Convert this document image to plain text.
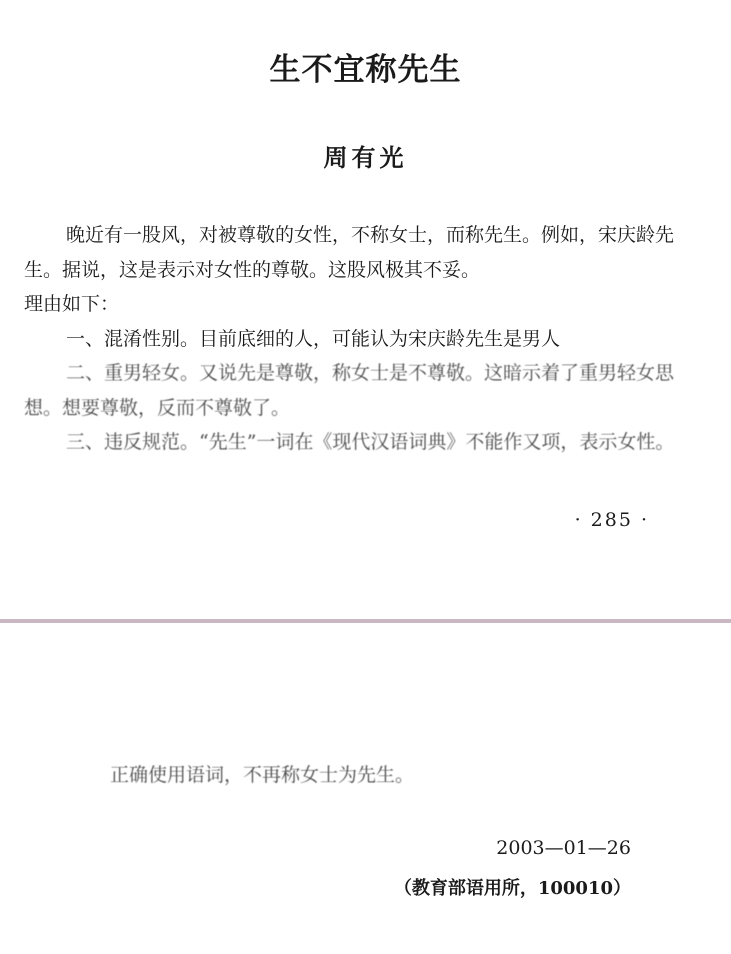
生不宜称先生
周有光

晚近有一股风，对被尊敬的女性，不称女士，而称先生。例如，宋庆龄先生。据说，这是表示对女性的尊敬。这股风极其不妥。

理由如下：

一、混淆性别。目前底细的人，可能认为宋庆龄先生是男人

二、重男轻女。又说先是尊敬，称女士是不尊敬。这暗示着了重男轻女思想。想要尊敬，反而不尊敬了。

三、违反规范。“先生”一词在《现代汉语词典》不能作又项，表示女性。

· 285 ·
正确使用语词，不再称女士为先生。
2003—01—26
（教育部语用所，100010）
